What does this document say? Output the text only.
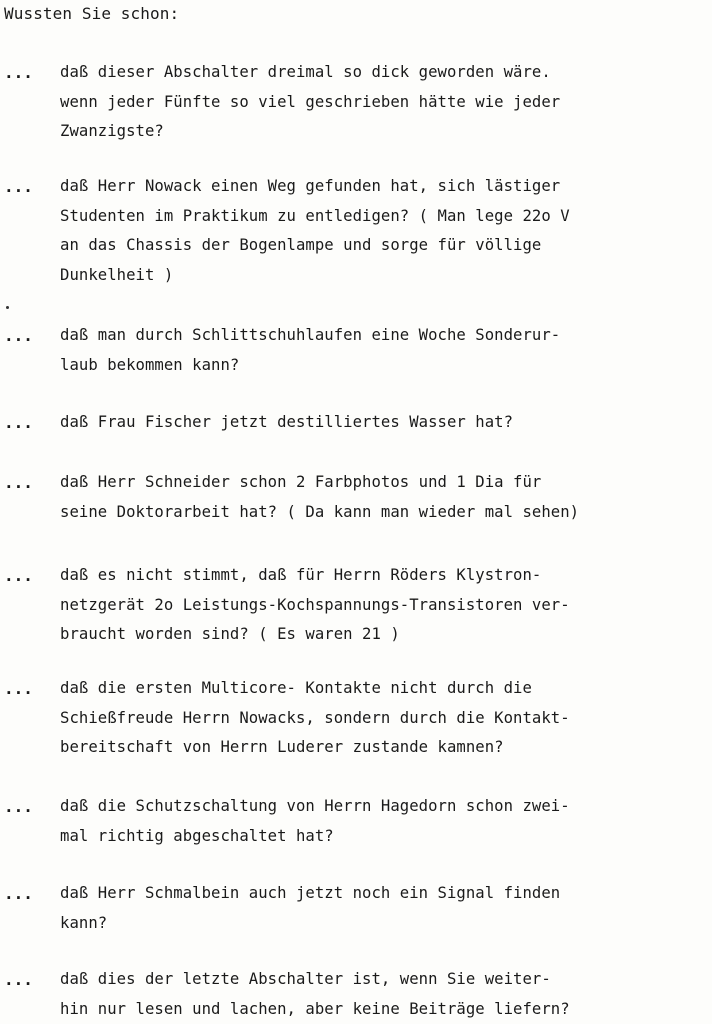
Wussten Sie schon:
... daß dieser Abschalter dreimal so dick geworden wäre.
wenn jeder Fünfte so viel geschrieben hätte wie jeder
Zwanzigste?
... daß Herr Nowack einen Weg gefunden hat, sich lästiger
Studenten im Praktikum zu entledigen? ( Man lege 22o V
an das Chassis der Bogenlampe und sorge für völlige
Dunkelheit )
... daß man durch Schlittschuhlaufen eine Woche Sonderur-
laub bekommen kann?
... daß Frau Fischer jetzt destilliertes Wasser hat?
... daß Herr Schneider schon 2 Farbphotos und 1 Dia für
seine Doktorarbeit hat? ( Da kann man wieder mal sehen)
... daß es nicht stimmt, daß für Herrn Röders Klystron-
netzgerät 2o Leistungs-Kochspannungs-Transistoren ver-
braucht worden sind? ( Es waren 21 )
... daß die ersten Multicore- Kontakte nicht durch die
Schießfreude Herrn Nowacks, sondern durch die Kontakt-
bereitschaft von Herrn Luderer zustande kamnen?
... daß die Schutzschaltung von Herrn Hagedorn schon zwei-
mal richtig abgeschaltet hat?
... daß Herr Schmalbein auch jetzt noch ein Signal finden
kann?
... daß dies der letzte Abschalter ist, wenn Sie weiter-
hin nur lesen und lachen, aber keine Beiträge liefern?
